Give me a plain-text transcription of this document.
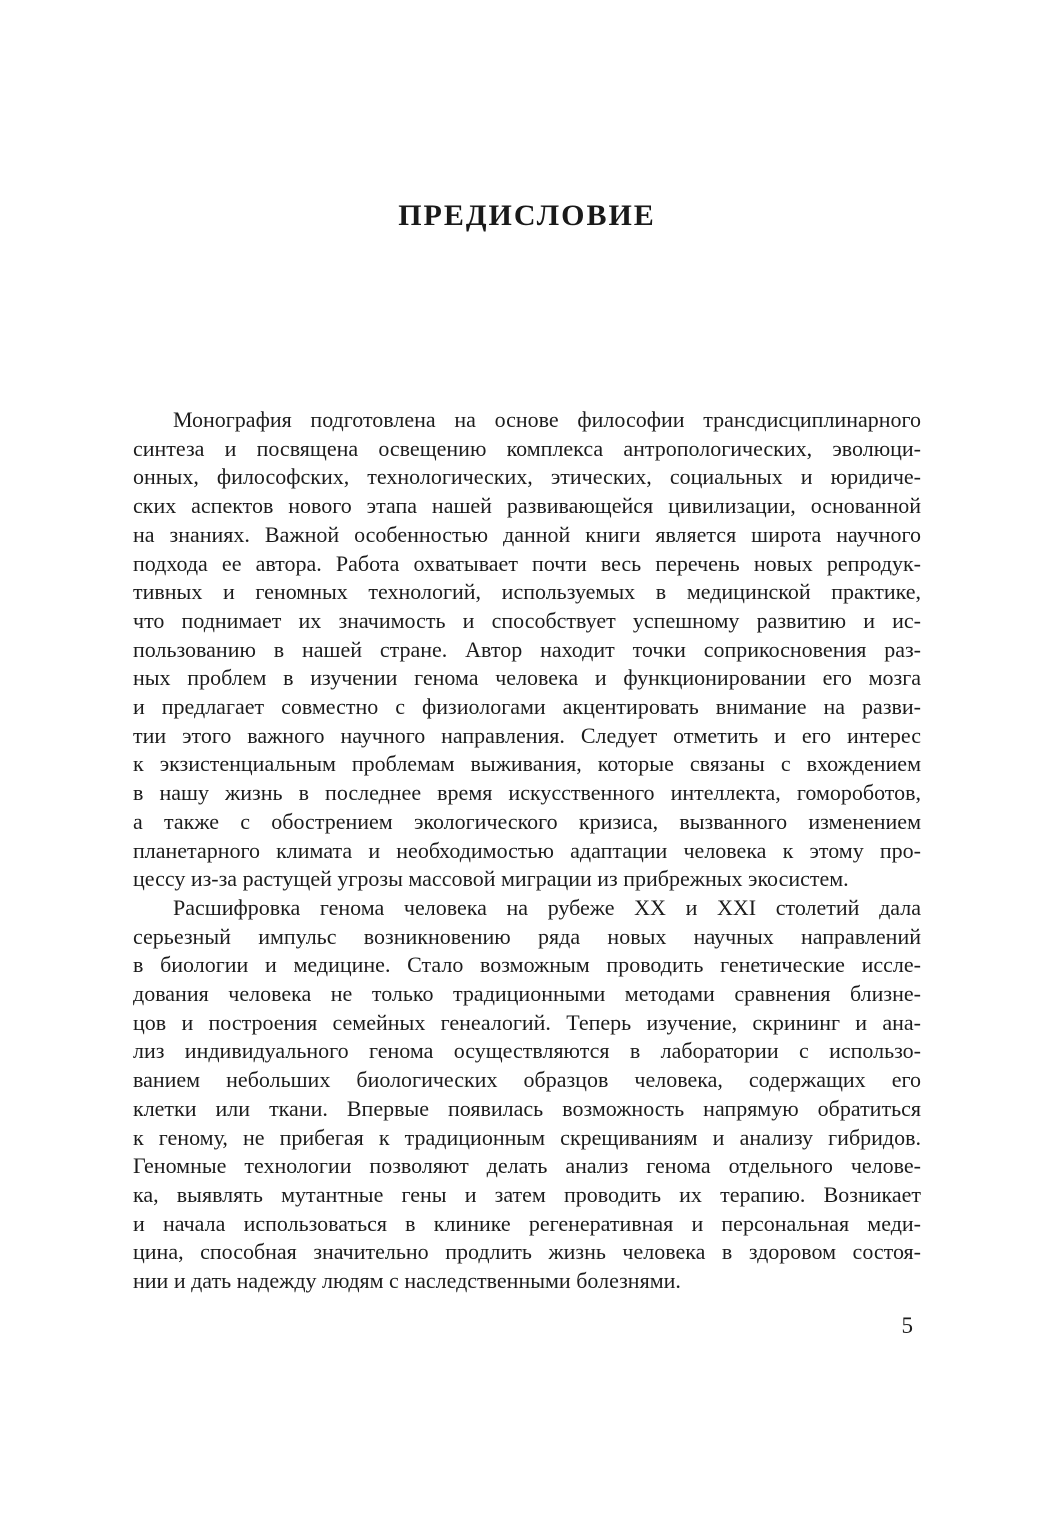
ПРЕДИСЛОВИЕ
Монография подготовлена на основе философии трансдисциплинарного
синтеза и посвящена освещению комплекса антропологических, эволюци-
онных, философских, технологических, этических, социальных и юридиче-
ских аспектов нового этапа нашей развивающейся цивилизации, основанной
на знаниях. Важной особенностью данной книги является широта научного
подхода ее автора. Работа охватывает почти весь перечень новых репродук-
тивных и геномных технологий, используемых в медицинской практике,
что поднимает их значимость и способствует успешному развитию и ис-
пользованию в нашей стране. Автор находит точки соприкосновения раз-
ных проблем в изучении генома человека и функционировании его мозга
и предлагает совместно с физиологами акцентировать внимание на разви-
тии этого важного научного направления. Следует отметить и его интерес
к экзистенциальным проблемам выживания, которые связаны с вхождением
в нашу жизнь в последнее время искусственного интеллекта, гомороботов,
а также с обострением экологического кризиса, вызванного изменением
планетарного климата и необходимостью адаптации человека к этому про-
цессу из-за растущей угрозы массовой миграции из прибрежных экосистем.
Расшифровка генома человека на рубеже XX и XXI столетий дала
серьезный импульс возникновению ряда новых научных направлений
в биологии и медицине. Стало возможным проводить генетические иссле-
дования человека не только традиционными методами сравнения близне-
цов и построения семейных генеалогий. Теперь изучение, скрининг и ана-
лиз индивидуального генома осуществляются в лаборатории с использо-
ванием небольших биологических образцов человека, содержащих его
клетки или ткани. Впервые появилась возможность напрямую обратиться
к геному, не прибегая к традиционным скрещиваниям и анализу гибридов.
Геномные технологии позволяют делать анализ генома отдельного челове-
ка, выявлять мутантные гены и затем проводить их терапию. Возникает
и начала использоваться в клинике регенеративная и персональная меди-
цина, способная значительно продлить жизнь человека в здоровом состоя-
нии и дать надежду людям с наследственными болезнями.
5
